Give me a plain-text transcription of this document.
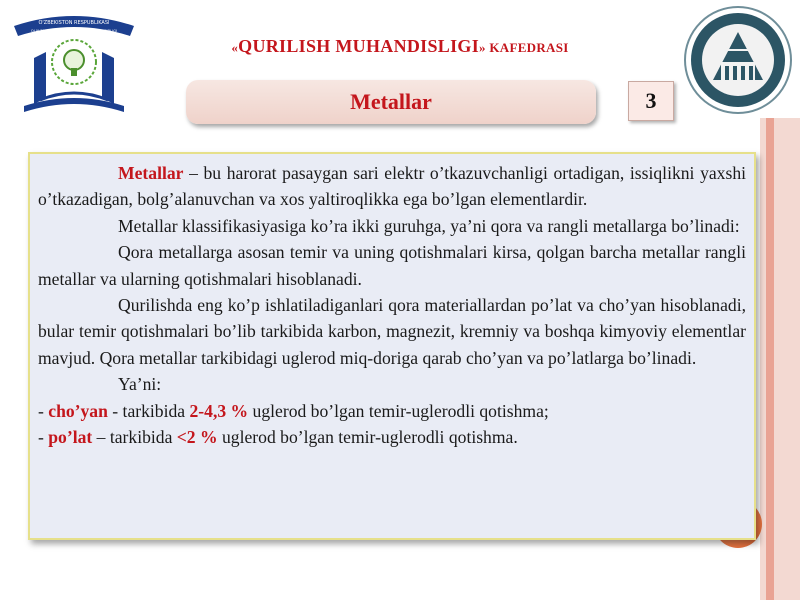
O'ZBEKISTON RESPUBLIKASI
OLIY TA'LIM, FAN VA INNOVATSIYALAR VAZIRLIGI
«QURILISH MUHANDISLIGI» KAFEDRASI
Metallar	3

Metallar – bu harorat pasaygan sari elektr o’tkazuvchanligi ortadigan, issiqlikni yaxshi o’tkazadigan, bolg’alanuvchan va xos yaltiroqlikka ega bo’lgan elementlardir.

Metallar klassifikasiyasiga ko’ra ikki guruhga, ya’ni qora va rangli metallarga bo’linadi:

Qora metallarga asosan temir va uning qotishmalari kirsa, qolgan barcha metallar rangli metallar va ularning qotishmalari hisoblanadi.

Qurilishda eng ko’p ishlatiladiganlari qora materiallardan po’lat va cho’yan hisoblanadi, bular temir qotishmalari bo’lib tarkibida karbon, magnezit, kremniy va boshqa kimyoviy elementlar mavjud. Qora metallar tarkibidagi uglerod miq-doriga qarab cho’yan va po’latlarga bo’linadi.

Ya’ni:

- cho’yan - tarkibida 2-4,3 % uglerod bo’lgan temir-uglerodli qotishma;

- po’lat – tarkibida <2 % uglerod bo’lgan temir-uglerodli qotishma.
